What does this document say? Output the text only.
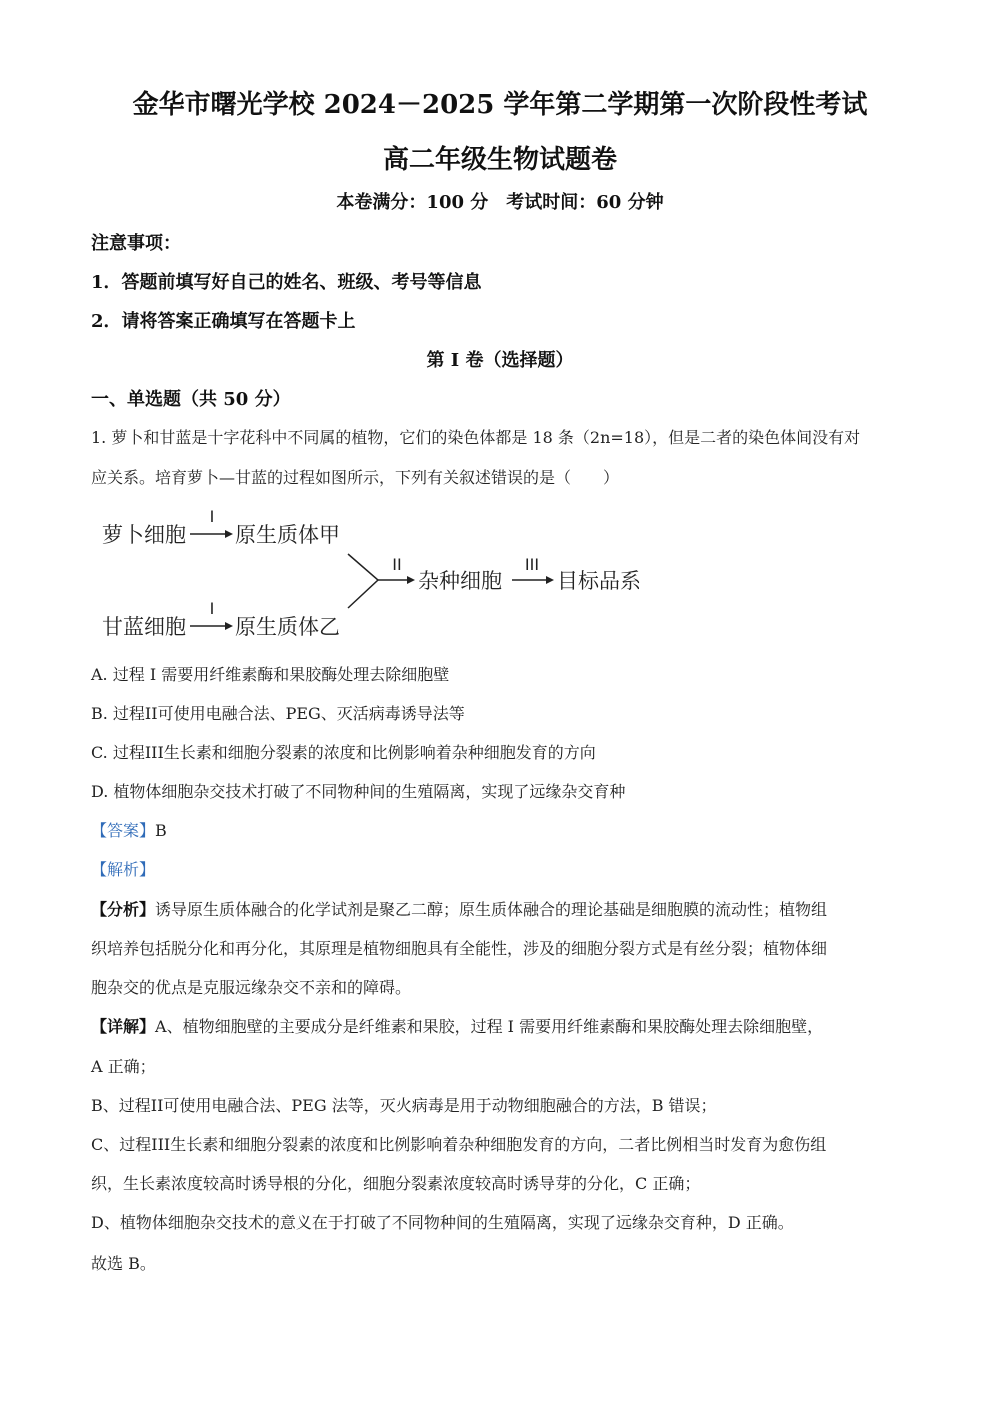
金华市曙光学校 2024－2025 学年第二学期第一次阶段性考试
高二年级生物试题卷
本卷满分：100 分　考试时间：60 分钟
注意事项：
1．答题前填写好自己的姓名、班级、考号等信息
2．请将答案正确填写在答题卡上
第 I 卷（选择题）
一、单选题（共 50 分）
1. 萝卜和甘蓝是十字花科中不同属的植物，它们的染色体都是 18 条（2n=18），但是二者的染色体间没有对
应关系。培育萝卜—甘蓝的过程如图所示，下列有关叙述错误的是（　　）
萝卜细胞
I
原生质体甲
甘蓝细胞
I
原生质体乙
II
杂种细胞
III
目标品系
A. 过程 I 需要用纤维素酶和果胶酶处理去除细胞壁
B. 过程II可使用电融合法、PEG、灭活病毒诱导法等
C. 过程III生长素和细胞分裂素的浓度和比例影响着杂种细胞发育的方向
D. 植物体细胞杂交技术打破了不同物种间的生殖隔离，实现了远缘杂交育种
【答案】B
【解析】
【分析】诱导原生质体融合的化学试剂是聚乙二醇；原生质体融合的理论基础是细胞膜的流动性；植物组
织培养包括脱分化和再分化，其原理是植物细胞具有全能性，涉及的细胞分裂方式是有丝分裂；植物体细
胞杂交的优点是克服远缘杂交不亲和的障碍。
【详解】A、植物细胞壁的主要成分是纤维素和果胶，过程 I 需要用纤维素酶和果胶酶处理去除细胞壁，
A 正确；
B、过程II可使用电融合法、PEG 法等，灭火病毒是用于动物细胞融合的方法，B 错误；
C、过程III生长素和细胞分裂素的浓度和比例影响着杂种细胞发育的方向，二者比例相当时发育为愈伤组
织，生长素浓度较高时诱导根的分化，细胞分裂素浓度较高时诱导芽的分化，C 正确；
D、植物体细胞杂交技术的意义在于打破了不同物种间的生殖隔离，实现了远缘杂交育种，D 正确。
故选 B。
